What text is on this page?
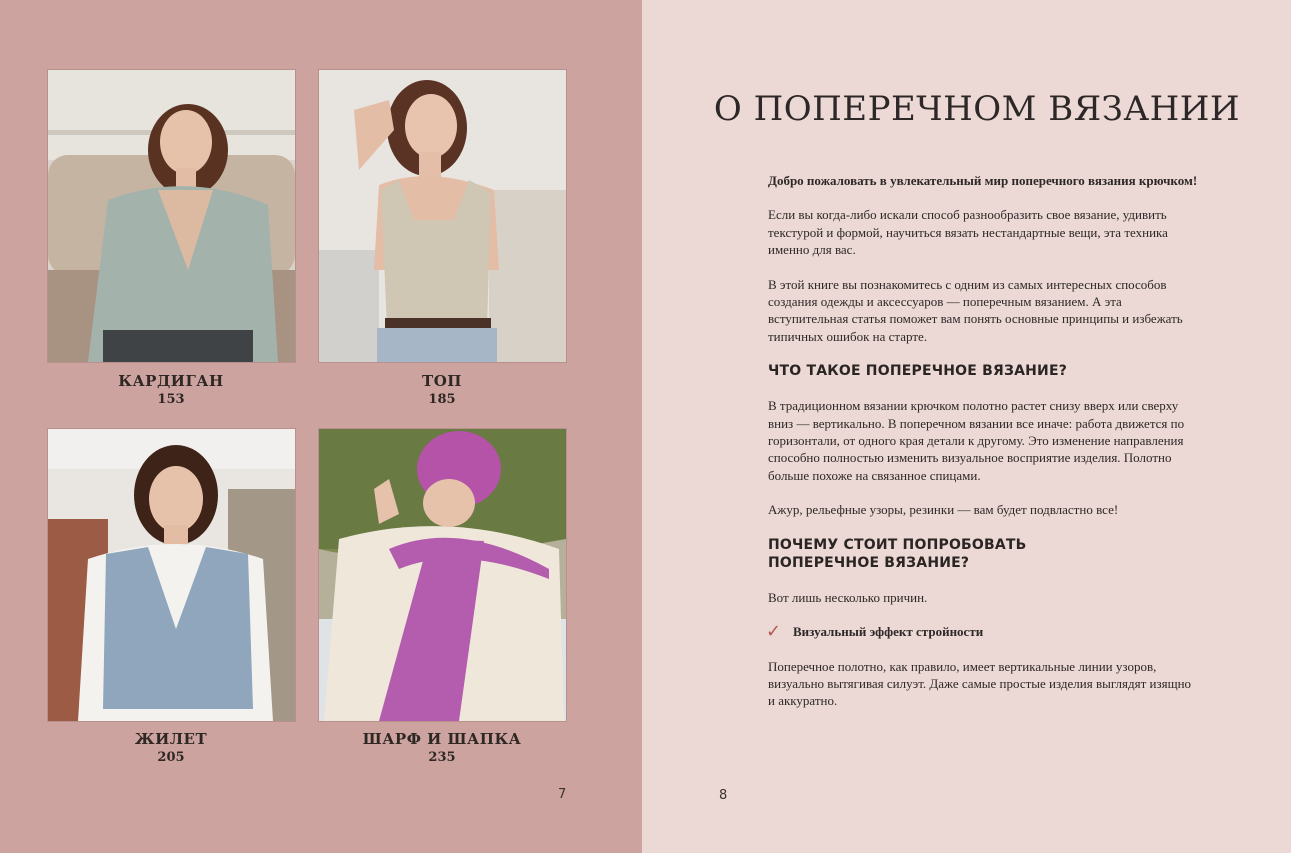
КАРДИГАН
153
ТОП
185
ЖИЛЕТ
205
ШАРФ И ШАПКА
235
7	8
О ПОПЕРЕЧНОМ ВЯЗАНИИ

Добро пожаловать в увлекательный мир поперечного вязания крючком!

Если вы когда-либо искали способ разнообразить свое вязание, удивить текстурой и формой, научиться вязать нестандартные вещи, эта техника именно для вас.

В этой книге вы познакомитесь с одним из самых интересных способов создания одежды и аксессуаров — поперечным вязанием. А эта вступительная статья поможет вам понять основные принципы и избежать типичных ошибок на старте.

ЧТО ТАКОЕ ПОПЕРЕЧНОЕ ВЯЗАНИЕ?

В традиционном вязании крючком полотно растет снизу вверх или сверху вниз — вертикально. В поперечном вязании все иначе: работа движется по горизонтали, от одного края детали к другому. Это изменение направления способно полностью изменить визуальное восприятие изделия. Полотно больше похоже на связанное спицами.

Ажур, рельефные узоры, резинки — вам будет подвластно все!

ПОЧЕМУ СТОИТ ПОПРОБОВАТЬ
ПОПЕРЕЧНОЕ ВЯЗАНИЕ?

Вот лишь несколько причин.

✓ Визуальный эффект стройности

Поперечное полотно, как правило, имеет вертикальные линии узоров, визуально вытягивая силуэт. Даже самые простые изделия выглядят изящно и аккуратно.
